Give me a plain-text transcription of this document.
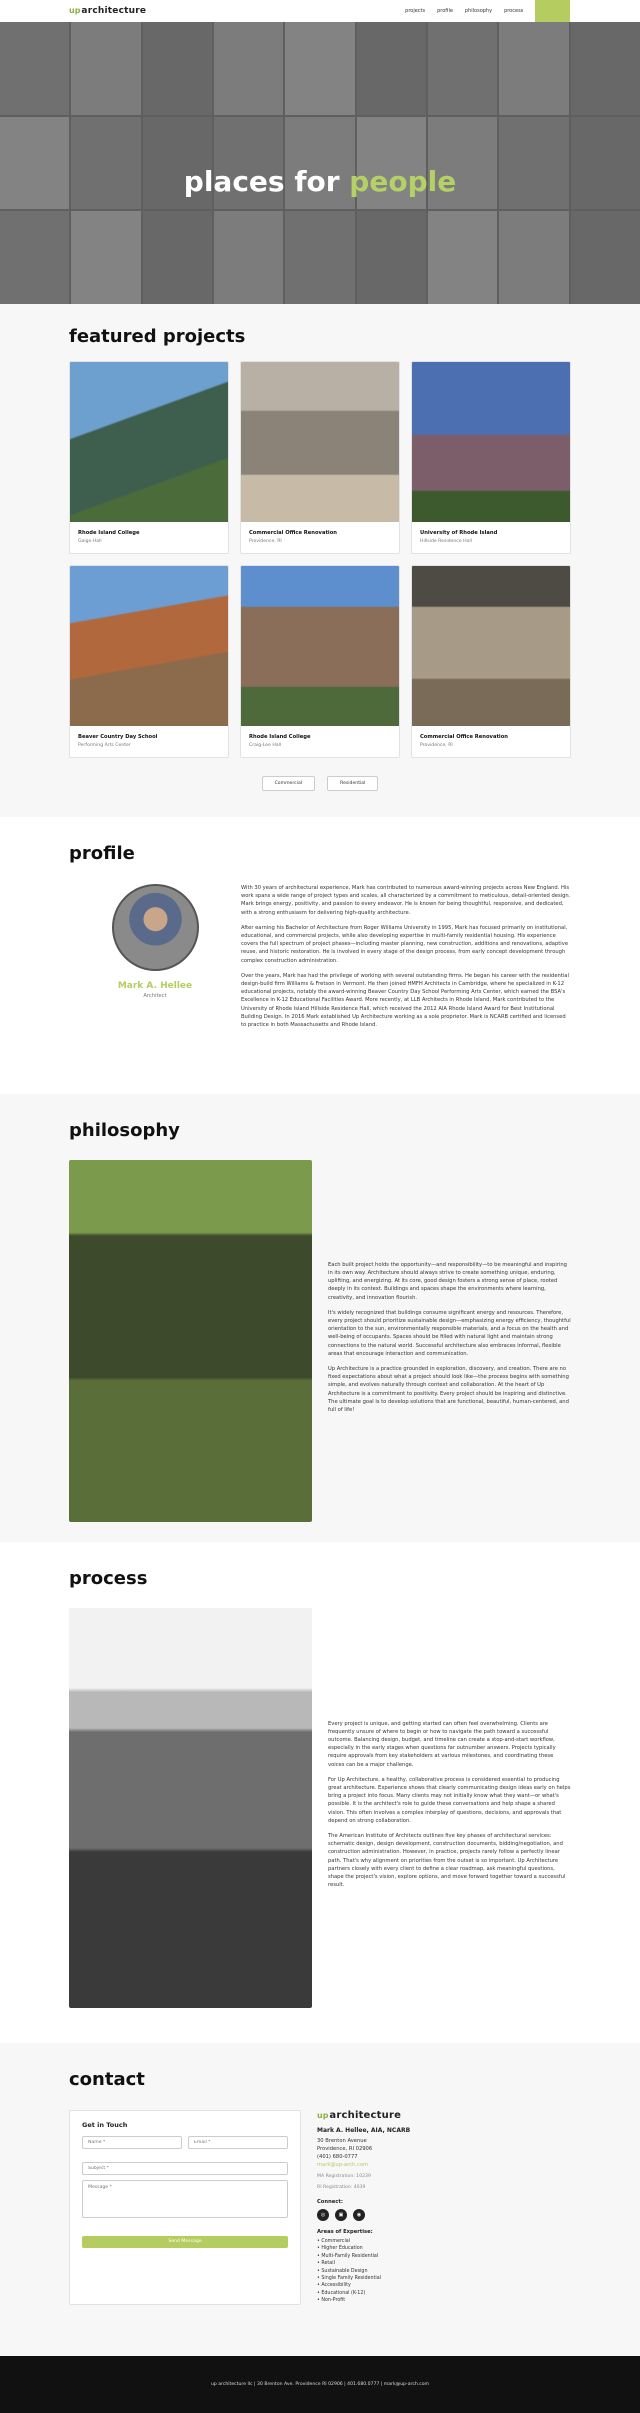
up architecture	projects profile philosophy process
places for people
featured projects
Rhode Island College
Gaige Hall
Commercial Office Renovation
Providence, RI
University of Rhode Island
Hillside Residence Hall
Beaver Country Day School
Performing Arts Center
Rhode Island College
Craig-Lee Hall
Commercial Office Renovation
Providence, RI
Commercial	Residential
profile
Mark A. Hellee
Architect

With 30 years of architectural experience, Mark has contributed to numerous award-winning projects across New England. His work spans a wide range of project types and scales, all characterized by a commitment to meticulous, detail-oriented design. Mark brings energy, positivity, and passion to every endeavor. He is known for being thoughtful, responsive, and dedicated, with a strong enthusiasm for delivering high-quality architecture.

After earning his Bachelor of Architecture from Roger Williams University in 1995, Mark has focused primarily on institutional, educational, and commercial projects, while also developing expertise in multi-family residential housing. His experience covers the full spectrum of project phases—including master planning, new construction, additions and renovations, adaptive reuse, and historic restoration. He is involved in every stage of the design process, from early concept development through complex construction administration.

Over the years, Mark has had the privilege of working with several outstanding firms. He began his career with the residential design-build firm Williams & Fretson in Vermont. He then joined HMFH Architects in Cambridge, where he specialized in K-12 educational projects, notably the award-winning Beaver Country Day School Performing Arts Center, which earned the BSA's Excellence in K-12 Educational Facilities Award. More recently, at LLB Architects in Rhode Island, Mark contributed to the University of Rhode Island Hillside Residence Hall, which received the 2012 AIA Rhode Island Award for Best Institutional Building Design. In 2016 Mark established Up Architecture working as a sole proprietor. Mark is NCARB certified and licensed to practice in both Massachusetts and Rhode Island.

philosophy

Each built project holds the opportunity—and responsibility—to be meaningful and inspiring in its own way. Architecture should always strive to create something unique, enduring, uplifting, and energizing. At its core, good design fosters a strong sense of place, rooted deeply in its context. Buildings and spaces shape the environments where learning, creativity, and innovation flourish.

It's widely recognized that buildings consume significant energy and resources. Therefore, every project should prioritize sustainable design—emphasizing energy efficiency, thoughtful orientation to the sun, environmentally responsible materials, and a focus on the health and well-being of occupants. Spaces should be filled with natural light and maintain strong connections to the natural world. Successful architecture also embraces informal, flexible areas that encourage interaction and communication.

Up Architecture is a practice grounded in exploration, discovery, and creation. There are no fixed expectations about what a project should look like—the process begins with something simple, and evolves naturally through context and collaboration. At the heart of Up Architecture is a commitment to positivity. Every project should be inspiring and distinctive. The ultimate goal is to develop solutions that are functional, beautiful, human-centered, and full of life!

process

Every project is unique, and getting started can often feel overwhelming. Clients are frequently unsure of where to begin or how to navigate the path toward a successful outcome. Balancing design, budget, and timeline can create a stop-and-start workflow, especially in the early stages when questions far outnumber answers. Projects typically require approvals from key stakeholders at various milestones, and coordinating these voices can be a major challenge.

For Up Architecture, a healthy, collaborative process is considered essential to producing great architecture. Experience shows that clearly communicating design ideas early on helps bring a project into focus. Many clients may not initially know what they want—or what's possible. It is the architect's role to guide these conversations and help shape a shared vision. This often involves a complex interplay of questions, decisions, and approvals that depend on strong collaboration.

The American Institute of Architects outlines five key phases of architectural services: schematic design, design development, construction documents, bidding/negotiation, and construction administration. However, in practice, projects rarely follow a perfectly linear path. That's why alignment on priorities from the outset is so important. Up Architecture partners closely with every client to define a clear roadmap, ask meaningful questions, shape the project's vision, explore options, and move forward together toward a successful result.

contact
Get in Touch
Name *
Email *
Subject * Message * Send Message
up architecture
Mark A. Hellee, AIA, NCARB
30 Brenton Avenue
Providence, RI 02906
(401) 680-0777
mark@up-arch.com
MA Registration: 10239
RI Registration: 4039
Connect:
◎	▣	◉
Areas of Expertise:
• Commercial
• Higher Education
• Multi-Family Residential
• Retail
• Sustainable Design
• Single Family Residential
• Accessibility
• Educational (K-12)
• Non-Profit
up architecture llc | 30 Brenton Ave. Providence RI 02906 | 401.680.0777 | mark@up-arch.com
